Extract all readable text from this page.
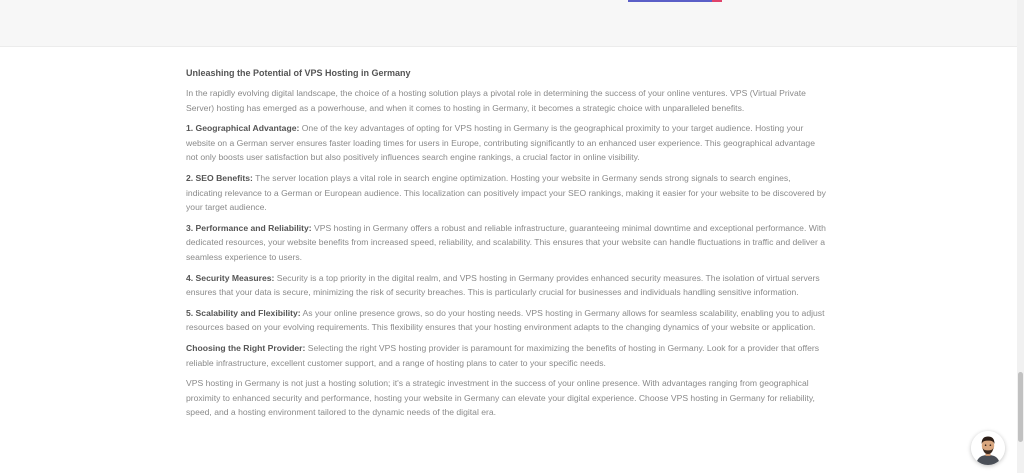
Unleashing the Potential of VPS Hosting in Germany

In the rapidly evolving digital landscape, the choice of a hosting solution plays a pivotal role in determining the success of your online ventures. VPS (Virtual Private Server) hosting has emerged as a powerhouse, and when it comes to hosting in Germany, it becomes a strategic choice with unparalleled benefits.

1. Geographical Advantage: One of the key advantages of opting for VPS hosting in Germany is the geographical proximity to your target audience. Hosting your website on a German server ensures faster loading times for users in Europe, contributing significantly to an enhanced user experience. This geographical advantage not only boosts user satisfaction but also positively influences search engine rankings, a crucial factor in online visibility.

2. SEO Benefits: The server location plays a vital role in search engine optimization. Hosting your website in Germany sends strong signals to search engines, indicating relevance to a German or European audience. This localization can positively impact your SEO rankings, making it easier for your website to be discovered by your target audience.

3. Performance and Reliability: VPS hosting in Germany offers a robust and reliable infrastructure, guaranteeing minimal downtime and exceptional performance. With dedicated resources, your website benefits from increased speed, reliability, and scalability. This ensures that your website can handle fluctuations in traffic and deliver a seamless experience to users.

4. Security Measures: Security is a top priority in the digital realm, and VPS hosting in Germany provides enhanced security measures. The isolation of virtual servers ensures that your data is secure, minimizing the risk of security breaches. This is particularly crucial for businesses and individuals handling sensitive information.

5. Scalability and Flexibility: As your online presence grows, so do your hosting needs. VPS hosting in Germany allows for seamless scalability, enabling you to adjust resources based on your evolving requirements. This flexibility ensures that your hosting environment adapts to the changing dynamics of your website or application.

Choosing the Right Provider: Selecting the right VPS hosting provider is paramount for maximizing the benefits of hosting in Germany. Look for a provider that offers reliable infrastructure, excellent customer support, and a range of hosting plans to cater to your specific needs.

VPS hosting in Germany is not just a hosting solution; it's a strategic investment in the success of your online presence. With advantages ranging from geographical proximity to enhanced security and performance, hosting your website in Germany can elevate your digital experience. Choose VPS hosting in Germany for reliability, speed, and a hosting environment tailored to the dynamic needs of the digital era.
